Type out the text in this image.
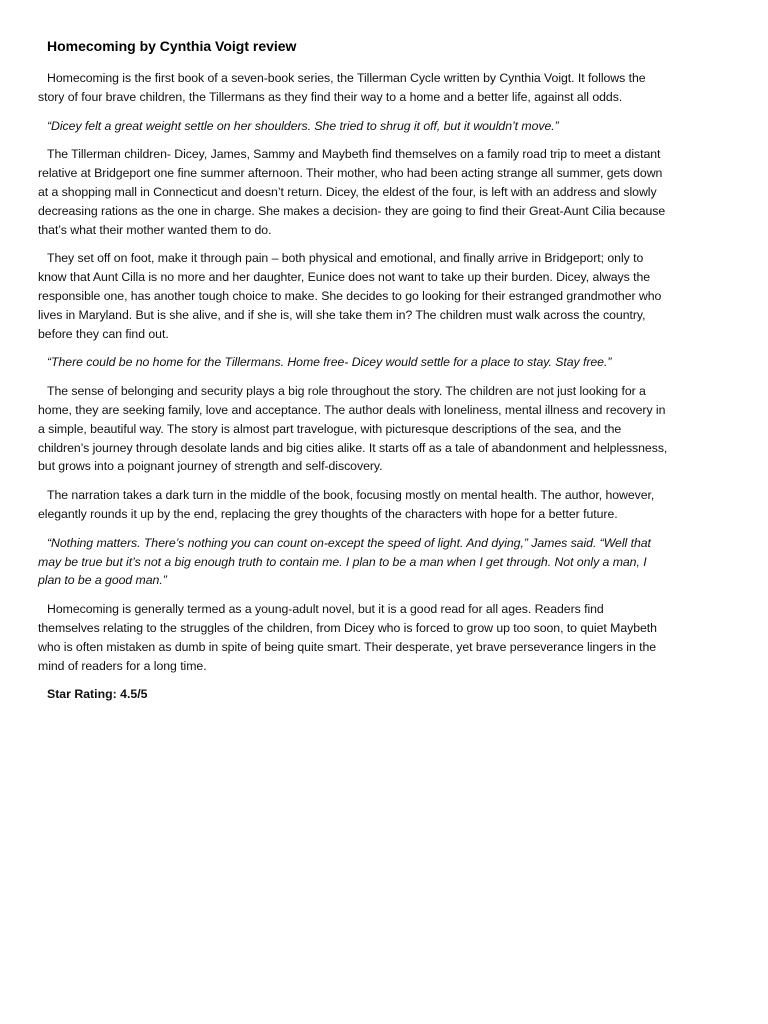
Homecoming by Cynthia Voigt review

Homecoming is the first book of a seven-book series, the Tillerman Cycle written by Cynthia Voigt. It follows the story of four brave children, the Tillermans as they find their way to a home and a better life, against all odds.

“Dicey felt a great weight settle on her shoulders. She tried to shrug it off, but it wouldn’t move.”

The Tillerman children- Dicey, James, Sammy and Maybeth find themselves on a family road trip to meet a distant relative at Bridgeport one fine summer afternoon. Their mother, who had been acting strange all summer, gets down at a shopping mall in Connecticut and doesn’t return. Dicey, the eldest of the four, is left with an address and slowly decreasing rations as the one in charge. She makes a decision- they are going to find their Great-Aunt Cilia because that’s what their mother wanted them to do.

They set off on foot, make it through pain – both physical and emotional, and finally arrive in Bridgeport; only to know that Aunt Cilla is no more and her daughter, Eunice does not want to take up their burden. Dicey, always the responsible one, has another tough choice to make. She decides to go looking for their estranged grandmother who lives in Maryland. But is she alive, and if she is, will she take them in? The children must walk across the country, before they can find out.

“There could be no home for the Tillermans. Home free- Dicey would settle for a place to stay. Stay free.”

The sense of belonging and security plays a big role throughout the story. The children are not just looking for a home, they are seeking family, love and acceptance. The author deals with loneliness, mental illness and recovery in a simple, beautiful way. The story is almost part travelogue, with picturesque descriptions of the sea, and the children’s journey through desolate lands and big cities alike. It starts off as a tale of abandonment and helplessness, but grows into a poignant journey of strength and self-discovery.

The narration takes a dark turn in the middle of the book, focusing mostly on mental health. The author, however, elegantly rounds it up by the end, replacing the grey thoughts of the characters with hope for a better future.

“Nothing matters. There’s nothing you can count on-except the speed of light. And dying,” James said. “Well that may be true but it’s not a big enough truth to contain me. I plan to be a man when I get through. Not only a man, I plan to be a good man.”

Homecoming is generally termed as a young-adult novel, but it is a good read for all ages. Readers find themselves relating to the struggles of the children, from Dicey who is forced to grow up too soon, to quiet Maybeth who is often mistaken as dumb in spite of being quite smart. Their desperate, yet brave perseverance lingers in the mind of readers for a long time.

Star Rating: 4.5/5
